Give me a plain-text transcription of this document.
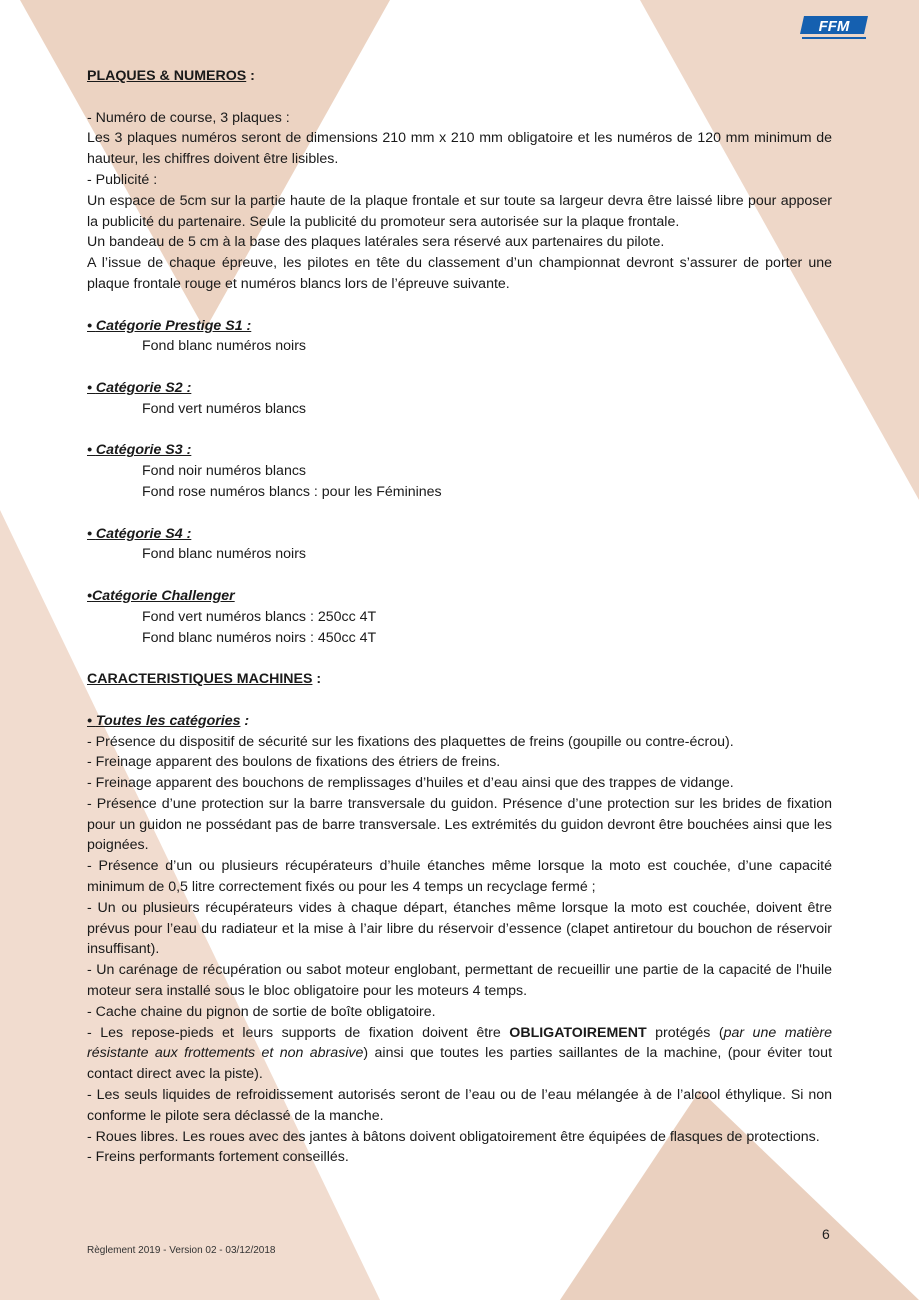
FFM

PLAQUES & NUMEROS :

- Numéro de course, 3 plaques :

Les 3 plaques numéros seront de dimensions 210 mm x 210 mm obligatoire et les numéros de 120 mm minimum de hauteur, les chiffres doivent être lisibles.

- Publicité :

Un espace de 5cm sur la partie haute de la plaque frontale et sur toute sa largeur devra être laissé libre pour apposer la publicité du partenaire. Seule la publicité du promoteur sera autorisée sur la plaque frontale.

Un bandeau de 5 cm à la base des plaques latérales sera réservé aux partenaires du pilote.

A l’issue de chaque épreuve, les pilotes en tête du classement d’un championnat devront s’assurer de porter une plaque frontale rouge et numéros blancs lors de l’épreuve suivante.

• Catégorie Prestige S1 :

Fond blanc numéros noirs

• Catégorie S2 :

Fond vert numéros blancs

• Catégorie S3 :

Fond noir numéros blancs

Fond rose numéros blancs : pour les Féminines

• Catégorie S4 :

Fond blanc numéros noirs

•Catégorie Challenger

Fond vert numéros blancs : 250cc 4T

Fond blanc numéros noirs : 450cc 4T

CARACTERISTIQUES MACHINES :

• Toutes les catégories :

- Présence du dispositif de sécurité sur les fixations des plaquettes de freins (goupille ou contre-écrou).

- Freinage apparent des boulons de fixations des étriers de freins.

- Freinage apparent des bouchons de remplissages d’huiles et d’eau ainsi que des trappes de vidange.

- Présence d’une protection sur la barre transversale du guidon. Présence d’une protection sur les brides de fixation pour un guidon ne possédant pas de barre transversale. Les extrémités du guidon devront être bouchées ainsi que les poignées.

- Présence d’un ou plusieurs récupérateurs d’huile étanches même lorsque la moto est couchée, d’une capacité minimum de 0,5 litre correctement fixés ou pour les 4 temps un recyclage fermé ;

- Un ou plusieurs récupérateurs vides à chaque départ, étanches même lorsque la moto est couchée, doivent être prévus pour l’eau du radiateur et la mise à l’air libre du réservoir d’essence (clapet antiretour du bouchon de réservoir insuffisant).

- Un carénage de récupération ou sabot moteur englobant, permettant de recueillir une partie de la capacité de l'huile moteur sera installé sous le bloc obligatoire pour les moteurs 4 temps.

- Cache chaine du pignon de sortie de boîte obligatoire.

- Les repose-pieds et leurs supports de fixation doivent être OBLIGATOIREMENT protégés (par une matière résistante aux frottements et non abrasive) ainsi que toutes les parties saillantes de la machine, (pour éviter tout contact direct avec la piste).

- Les seuls liquides de refroidissement autorisés seront de l’eau ou de l’eau mélangée à de l’alcool éthylique. Si non conforme le pilote sera déclassé de la manche.

- Roues libres. Les roues avec des jantes à bâtons doivent obligatoirement être équipées de flasques de protections.

- Freins performants fortement conseillés.

6
Règlement 2019 - Version 02 - 03/12/2018
